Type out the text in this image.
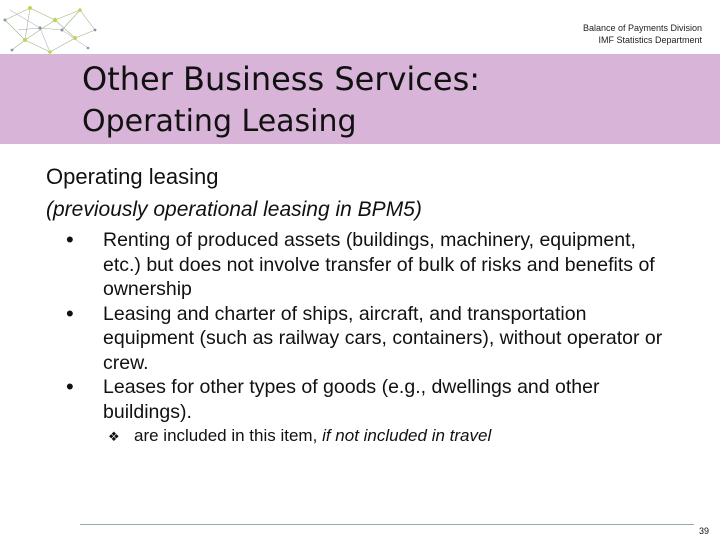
Balance of Payments Division
IMF Statistics Department
Other Business Services:
Operating Leasing
Operating leasing
(previously operational leasing in BPM5)
• Renting of produced assets (buildings, machinery, equipment, etc.) but does not involve transfer of bulk of risks and benefits of ownership
• Leasing and charter of ships, aircraft, and transportation equipment (such as railway cars, containers), without operator or crew.
• Leases for other types of goods (e.g., dwellings and other buildings).
❖ are included in this item, if not included in travel
39
